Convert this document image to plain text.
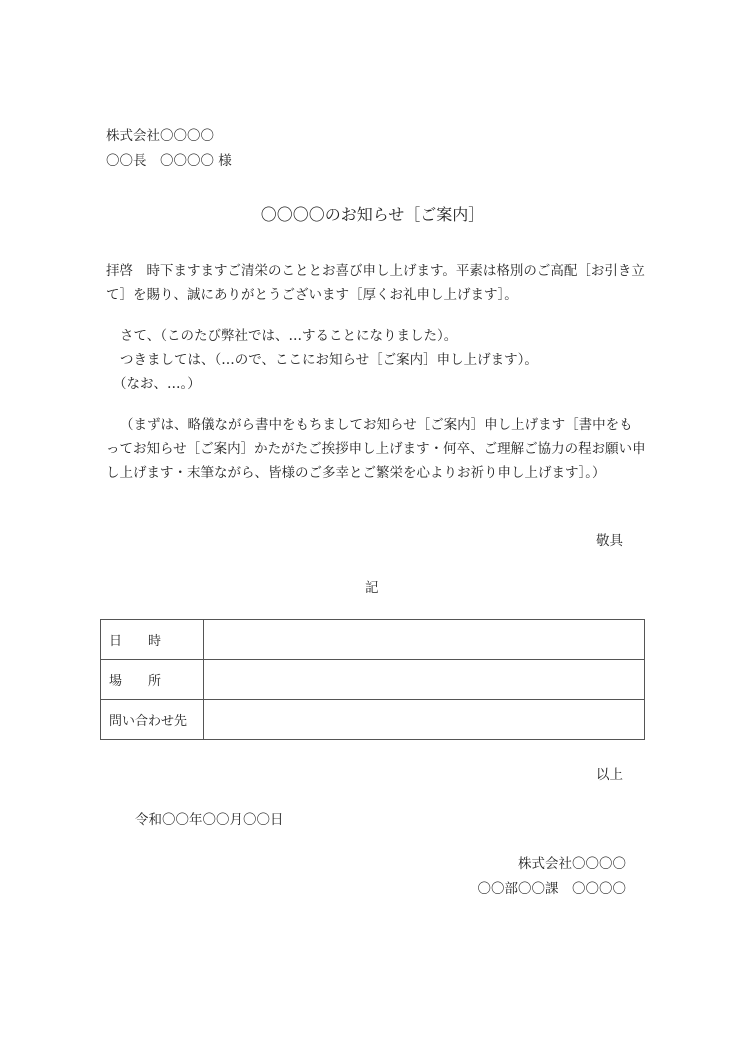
株式会社〇〇〇〇
〇〇長　〇〇〇〇 様
〇〇〇〇のお知らせ［ご案内］
拝啓　時下ますますご清栄のこととお喜び申し上げます。平素は格別のご高配［お引き立て］を賜り、誠にありがとうございます［厚くお礼申し上げます］。
さて、（このたび弊社では、…することになりました）。
つきましては、（…ので、ここにお知らせ［ご案内］申し上げます）。
（なお、…。）
（まずは、略儀ながら書中をもちましてお知らせ［ご案内］申し上げます［書中をもってお知らせ［ご案内］かたがたご挨拶申し上げます・何卒、ご理解ご協力の程お願い申し上げます・末筆ながら、皆様のご多幸とご繁栄を心よりお祈り申し上げます］。）
敬具
記
日　　時	
場　　所	
問い合わせ先	
以上
令和〇〇年〇〇月〇〇日
株式会社〇〇〇〇
〇〇部〇〇課　〇〇〇〇
